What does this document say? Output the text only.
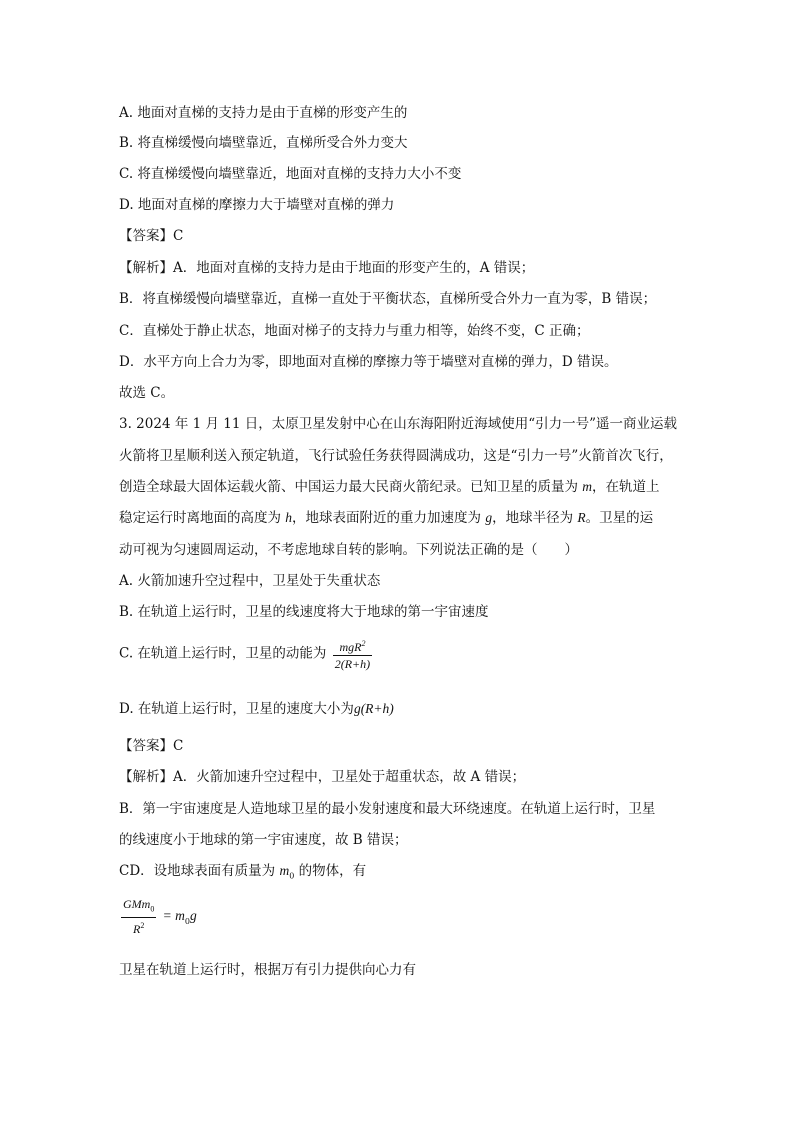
A. 地面对直梯的支持力是由于直梯的形变产生的
B. 将直梯缓慢向墙壁靠近，直梯所受合外力变大
C. 将直梯缓慢向墙壁靠近，地面对直梯的支持力大小不变
D. 地面对直梯的摩擦力大于墙壁对直梯的弹力
【答案】C
【解析】A．地面对直梯的支持力是由于地面的形变产生的，A 错误；
B．将直梯缓慢向墙壁靠近，直梯一直处于平衡状态，直梯所受合外力一直为零，B 错误；
C．直梯处于静止状态，地面对梯子的支持力与重力相等，始终不变，C 正确；
D．水平方向上合力为零，即地面对直梯的摩擦力等于墙壁对直梯的弹力，D 错误。
故选 C。
3. 2024 年 1 月 11 日，太原卫星发射中心在山东海阳附近海域使用“引力一号”遥一商业运载
火箭将卫星顺利送入预定轨道，飞行试验任务获得圆满成功，这是“引力一号”火箭首次飞行，
创造全球最大固体运载火箭、中国运力最大民商火箭纪录。已知卫星的质量为 m，在轨道上
稳定运行时离地面的高度为 h，地球表面附近的重力加速度为 g，地球半径为 R。卫星的运
动可视为匀速圆周运动，不考虑地球自转的影响。下列说法正确的是（　　）
A. 火箭加速升空过程中，卫星处于失重状态
B. 在轨道上运行时，卫星的线速度将大于地球的第一宇宙速度
C. 在轨道上运行时，卫星的动能为 $\frac{mgR^2}{2(R+h)}$
D. 在轨道上运行时，卫星的速度大小为g(R+h)
【答案】C
【解析】A．火箭加速升空过程中，卫星处于超重状态，故 A 错误；
B．第一宇宙速度是人造地球卫星的最小发射速度和最大环绕速度。在轨道上运行时，卫星
的线速度小于地球的第一宇宙速度，故 B 错误；
CD．设地球表面有质量为 $m_0$ 的物体，有
$\frac{GMm_0}{R^2} = m_0g$
卫星在轨道上运行时，根据万有引力提供向心力有
